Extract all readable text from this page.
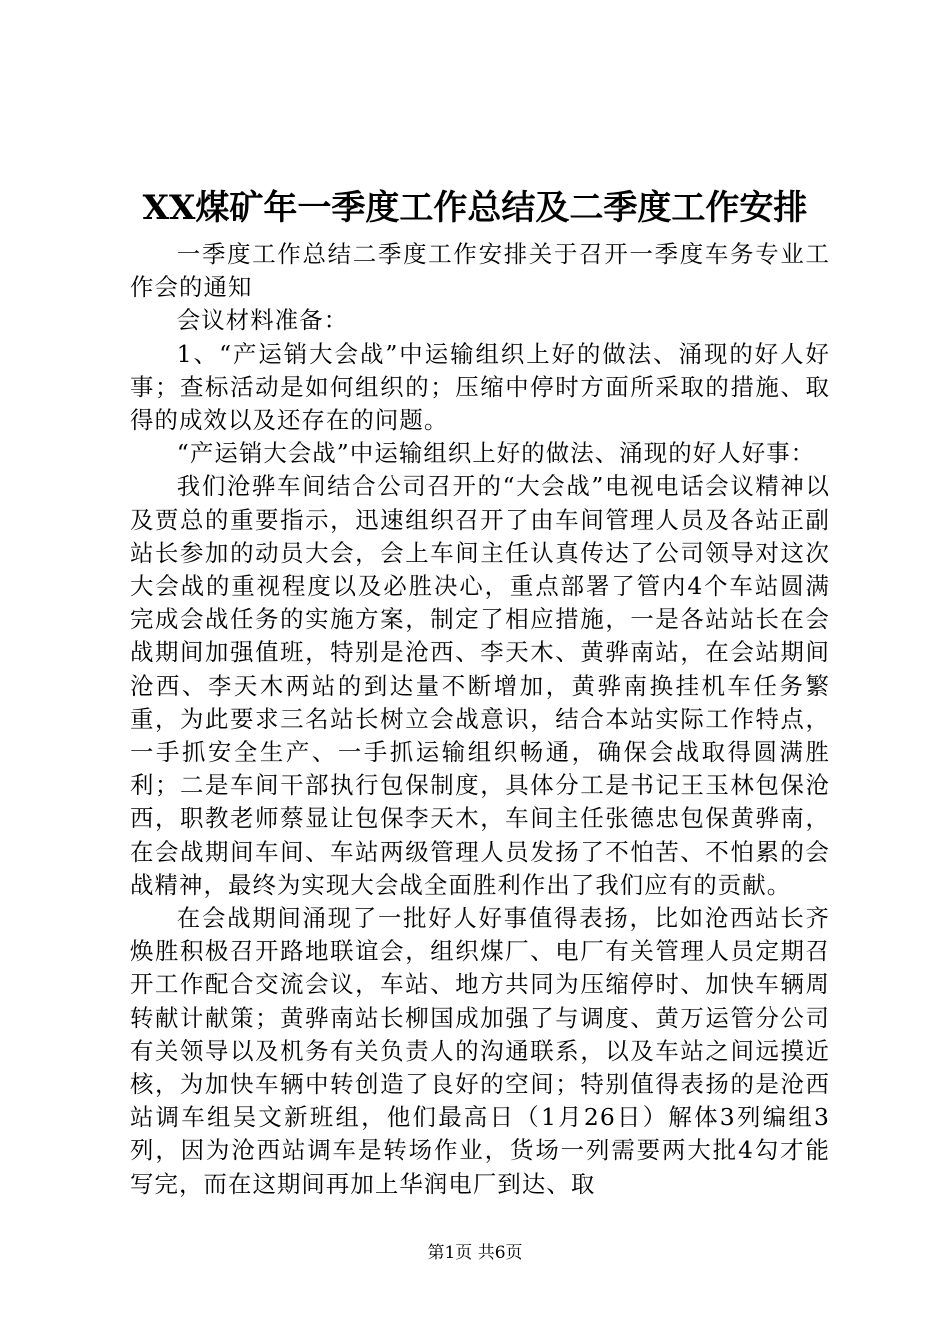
XX煤矿年一季度工作总结及二季度工作安排

一季度工作总结二季度工作安排关于召开一季度车务专业工作会的通知

会议材料准备：

1、“产运销大会战”中运输组织上好的做法、涌现的好人好事；查标活动是如何组织的；压缩中停时方面所采取的措施、取得的成效以及还存在的问题。

“产运销大会战”中运输组织上好的做法、涌现的好人好事：

我们沧骅车间结合公司召开的“大会战”电视电话会议精神以及贾总的重要指示，迅速组织召开了由车间管理人员及各站正副站长参加的动员大会，会上车间主任认真传达了公司领导对这次大会战的重视程度以及必胜决心，重点部署了管内4个车站圆满完成会战任务的实施方案，制定了相应措施，一是各站站长在会战期间加强值班，特别是沧西、李天木、黄骅南站，在会站期间沧西、李天木两站的到达量不断增加，黄骅南换挂机车任务繁重，为此要求三名站长树立会战意识，结合本站实际工作特点，一手抓安全生产、一手抓运输组织畅通，确保会战取得圆满胜利；二是车间干部执行包保制度，具体分工是书记王玉林包保沧西，职教老师蔡显让包保李天木，车间主任张德忠包保黄骅南，在会战期间车间、车站两级管理人员发扬了不怕苦、不怕累的会战精神，最终为实现大会战全面胜利作出了我们应有的贡献。

在会战期间涌现了一批好人好事值得表扬，比如沧西站长齐焕胜积极召开路地联谊会，组织煤厂、电厂有关管理人员定期召开工作配合交流会议，车站、地方共同为压缩停时、加快车辆周转献计献策；黄骅南站长柳国成加强了与调度、黄万运管分公司有关领导以及机务有关负责人的沟通联系，以及车站之间远摸近核，为加快车辆中转创造了良好的空间；特别值得表扬的是沧西站调车组吴文新班组，他们最高日（1月26日）解体3列编组3列，因为沧西站调车是转场作业，货场一列需要两大批4勾才能写完，而在这期间再加上华润电厂到达、取

第1页 共6页
